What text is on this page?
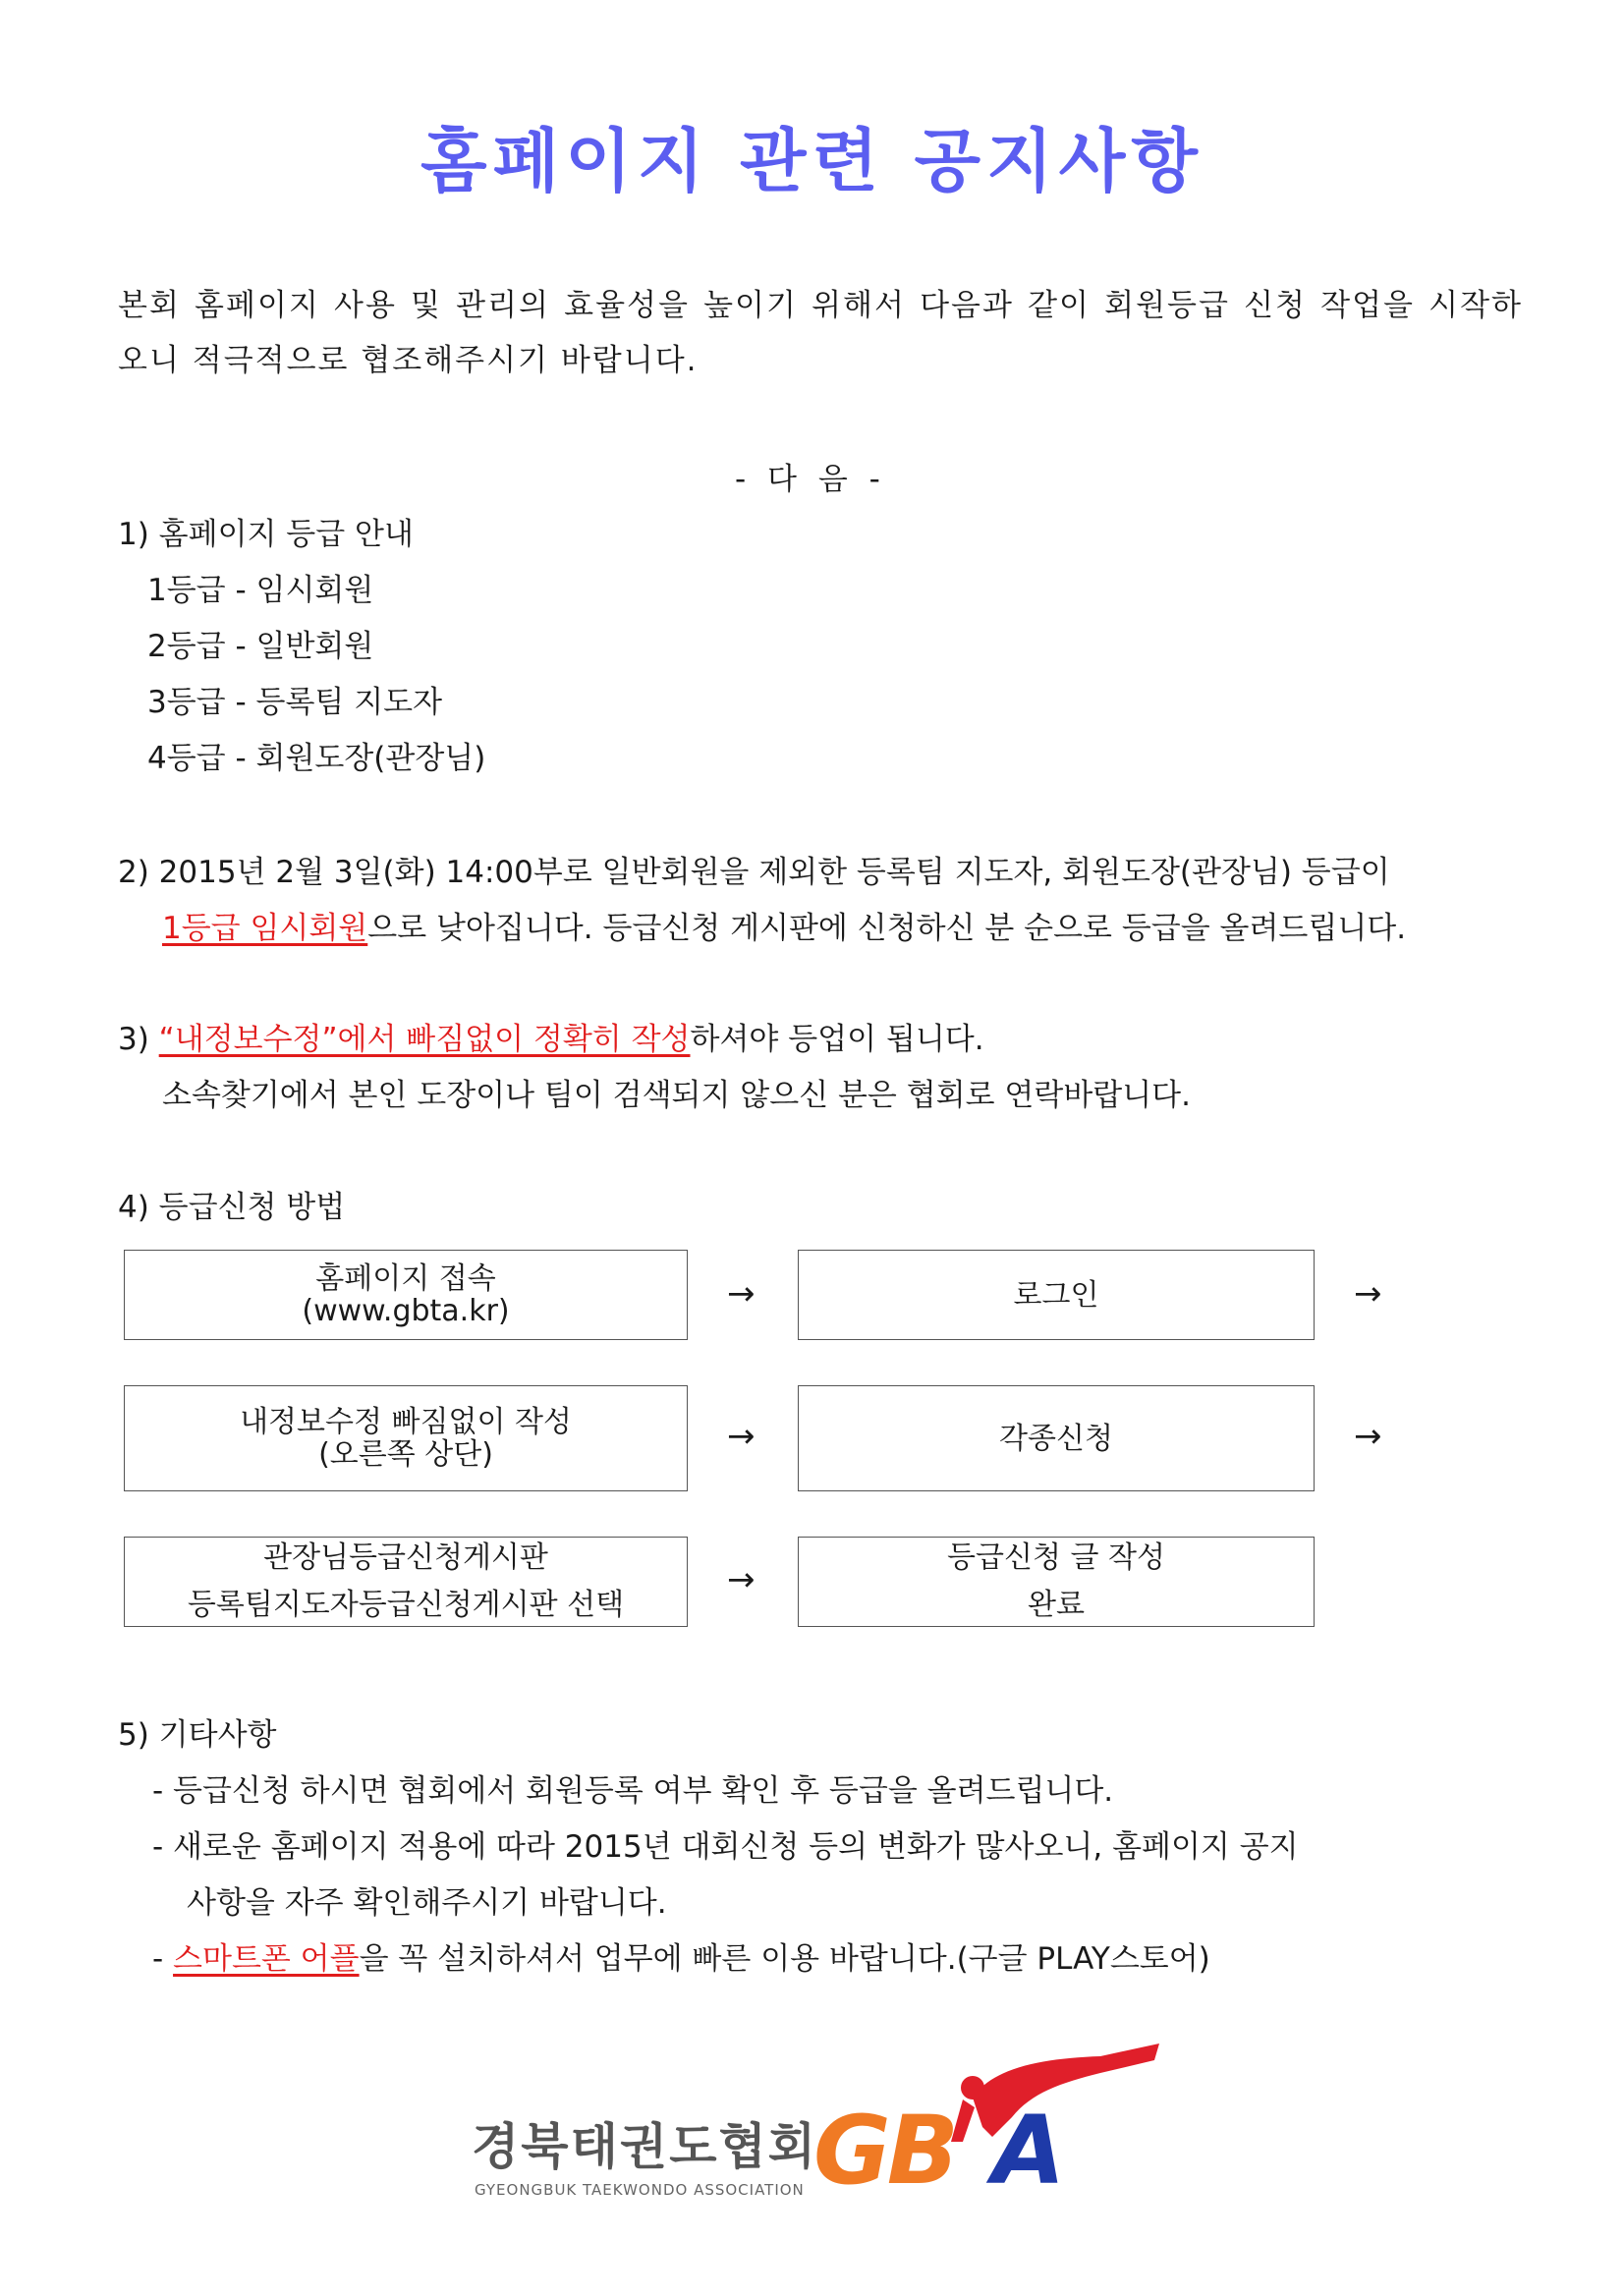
홈페이지 관련 공지사항
본회 홈페이지 사용 및 관리의 효율성을 높이기 위해서 다음과 같이 회원등급 신청 작업을 시작하오니 적극적으로 협조해주시기 바랍니다.
- 다 음 -
1) 홈페이지 등급 안내
1등급 - 임시회원
2등급 - 일반회원
3등급 - 등록팀 지도자
4등급 - 회원도장(관장님)
2) 2015년 2월 3일(화) 14:00부로 일반회원을 제외한 등록팀 지도자, 회원도장(관장님) 등급이
1등급 임시회원으로 낮아집니다. 등급신청 게시판에 신청하신 분 순으로 등급을 올려드립니다.
3) “내정보수정”에서 빠짐없이 정확히 작성하셔야 등업이 됩니다.
소속찾기에서 본인 도장이나 팀이 검색되지 않으신 분은 협회로 연락바랍니다.
4) 등급신청 방법
홈페이지 접속
(www.gbta.kr)	→	로그인	→
내정보수정 빠짐없이 작성
(오른쪽 상단)	→	각종신청	→
관장님등급신청게시판
등록팀지도자등급신청게시판 선택
→
등급신청 글 작성
완료
5) 기타사항
- 등급신청 하시면 협회에서 회원등록 여부 확인 후 등급을 올려드립니다.
- 새로운 홈페이지 적용에 따라 2015년 대회신청 등의 변화가 많사오니, 홈페이지 공지
사항을 자주 확인해주시기 바랍니다.
- 스마트폰 어플을 꼭 설치하셔서 업무에 빠른 이용 바랍니다.(구글 PLAY스토어)
경북태권도협회
GYEONGBUK TAEKWONDO ASSOCIATION GB A
